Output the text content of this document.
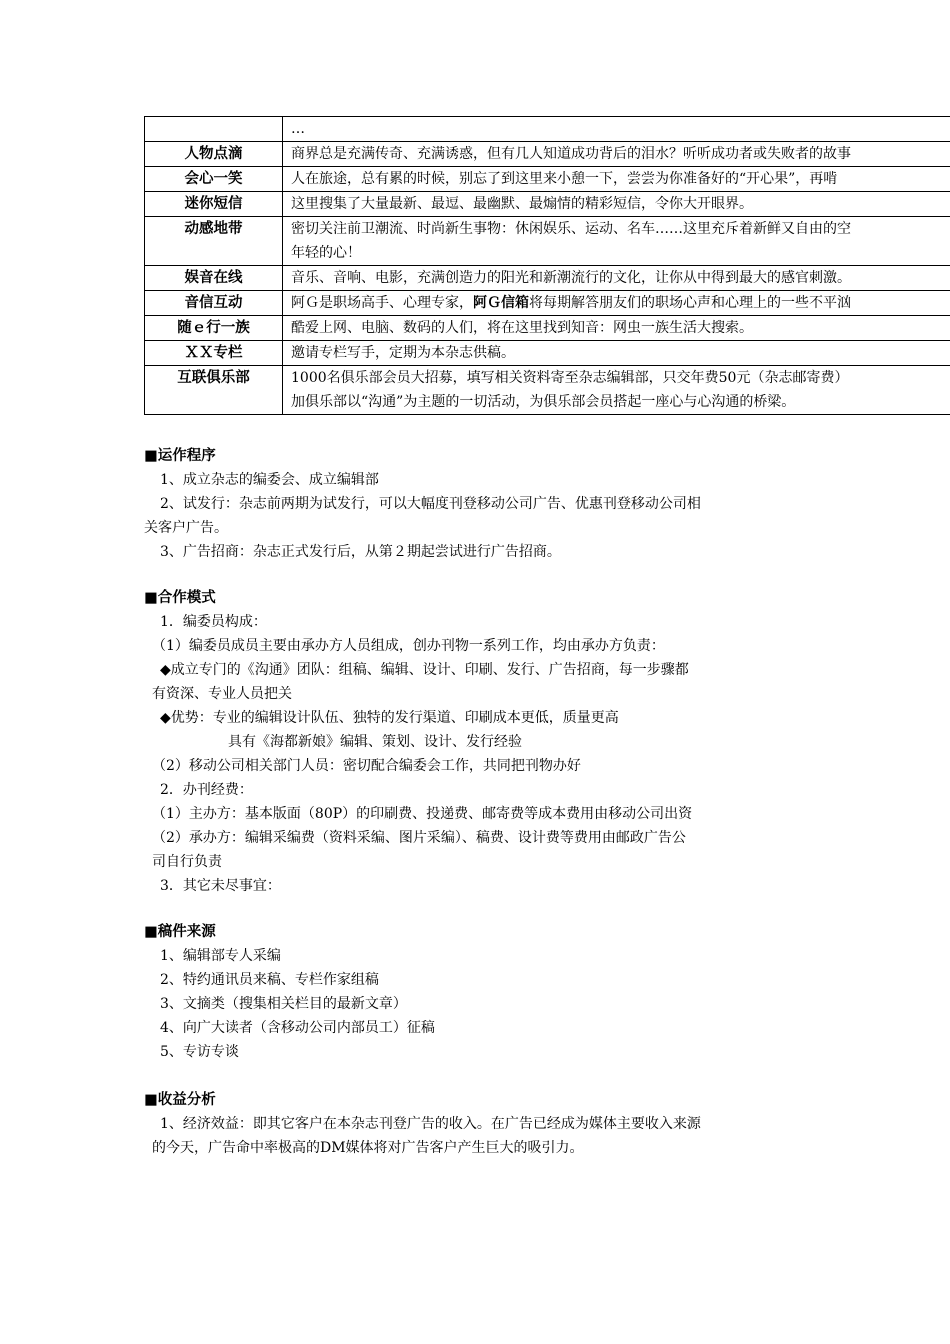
	…

人物点滴	商界总是充满传奇、充满诱惑，但有几人知道成功背后的泪水？听听成功者或失败者的故事

会心一笑	人在旅途，总有累的时候，别忘了到这里来小憩一下，尝尝为你准备好的“开心果”，再啃

迷你短信	这里搜集了大量最新、最逗、最幽默、最煽情的精彩短信，令你大开眼界。

动感地带	密切关注前卫潮流、时尚新生事物：休闲娱乐、运动、名车……这里充斥着新鲜又自由的空
年轻的心！

娱音在线	音乐、音响、电影，充满创造力的阳光和新潮流行的文化，让你从中得到最大的感官刺激。

音信互动	阿Ｇ是职场高手、心理专家，阿Ｇ信箱将每期解答朋友们的职场心声和心理上的一些不平汹

随ｅ行一族	酷爱上网、电脑、数码的人们，将在这里找到知音：网虫一族生活大搜索。

ＸＸ专栏	邀请专栏写手，定期为本杂志供稿。

互联俱乐部	1000名俱乐部会员大招募，填写相关资料寄至杂志编辑部，只交年费50元（杂志邮寄费）
加俱乐部以“沟通”为主题的一切活动，为俱乐部会员搭起一座心与心沟通的桥梁。
■运作程序
1、成立杂志的编委会、成立编辑部
2、试发行：杂志前两期为试发行，可以大幅度刊登移动公司广告、优惠刊登移动公司相
关客户广告。
3、广告招商：杂志正式发行后，从第２期起尝试进行广告招商。
■合作模式
1．编委员构成：
（1）编委员成员主要由承办方人员组成，创办刊物一系列工作，均由承办方负责：
◆成立专门的《沟通》团队：组稿、编辑、设计、印刷、发行、广告招商，每一步骤都
有资深、专业人员把关
◆优势：专业的编辑设计队伍、独特的发行渠道、印刷成本更低，质量更高
具有《海都新娘》编辑、策划、设计、发行经验
（2）移动公司相关部门人员：密切配合编委会工作，共同把刊物办好
2．办刊经费：
（1）主办方：基本版面（80P）的印刷费、投递费、邮寄费等成本费用由移动公司出资
（2）承办方：编辑采编费（资料采编、图片采编）、稿费、设计费等费用由邮政广告公
司自行负责
3．其它未尽事宜：
■稿件来源
1、编辑部专人采编
2、特约通讯员来稿、专栏作家组稿
3、文摘类（搜集相关栏目的最新文章）
4、向广大读者（含移动公司内部员工）征稿
5、专访专谈
■收益分析
1、经济效益：即其它客户在本杂志刊登广告的收入。在广告已经成为媒体主要收入来源
的今天，广告命中率极高的DM媒体将对广告客户产生巨大的吸引力。
